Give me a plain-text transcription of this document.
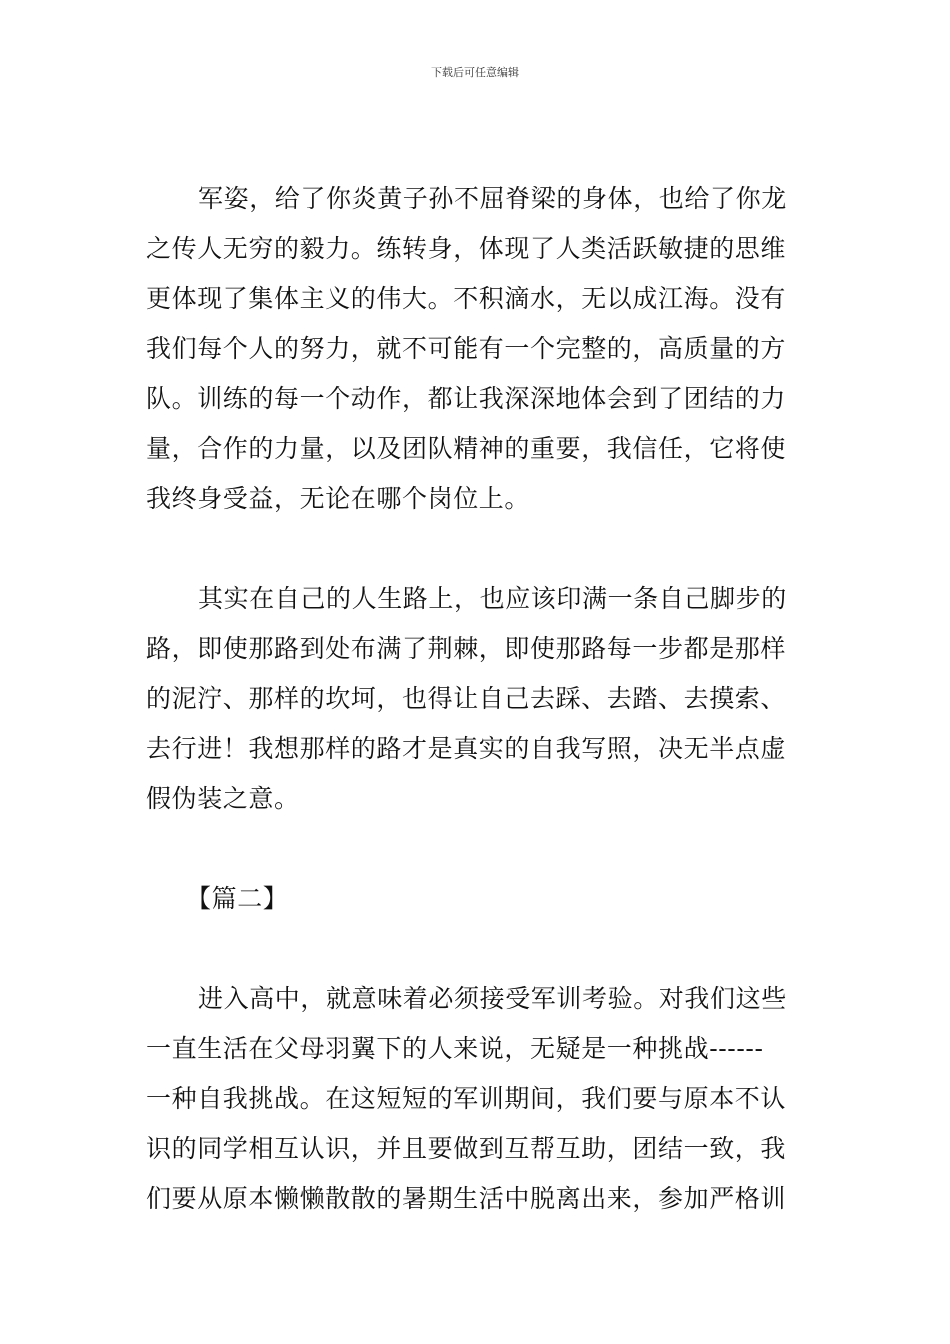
下载后可任意编辑
军姿，给了你炎黄子孙不屈脊梁的身体，也给了你龙
之传人无穷的毅力。练转身，体现了人类活跃敏捷的思维
更体现了集体主义的伟大。不积滴水，无以成江海。没有
我们每个人的努力，就不可能有一个完整的，高质量的方
队。训练的每一个动作，都让我深深地体会到了团结的力
量，合作的力量，以及团队精神的重要，我信任，它将使
我终身受益，无论在哪个岗位上。
其实在自己的人生路上，也应该印满一条自己脚步的
路，即使那路到处布满了荆棘，即使那路每一步都是那样
的泥泞、那样的坎坷，也得让自己去踩、去踏、去摸索、
去行进！我想那样的路才是真实的自我写照，决无半点虚
假伪装之意。
【篇二】
进入高中，就意味着必须接受军训考验。对我们这些
一直生活在父母羽翼下的人来说，无疑是一种挑战------
一种自我挑战。在这短短的军训期间，我们要与原本不认
识的同学相互认识，并且要做到互帮互助，团结一致，我
们要从原本懒懒散散的暑期生活中脱离出来，参加严格训
